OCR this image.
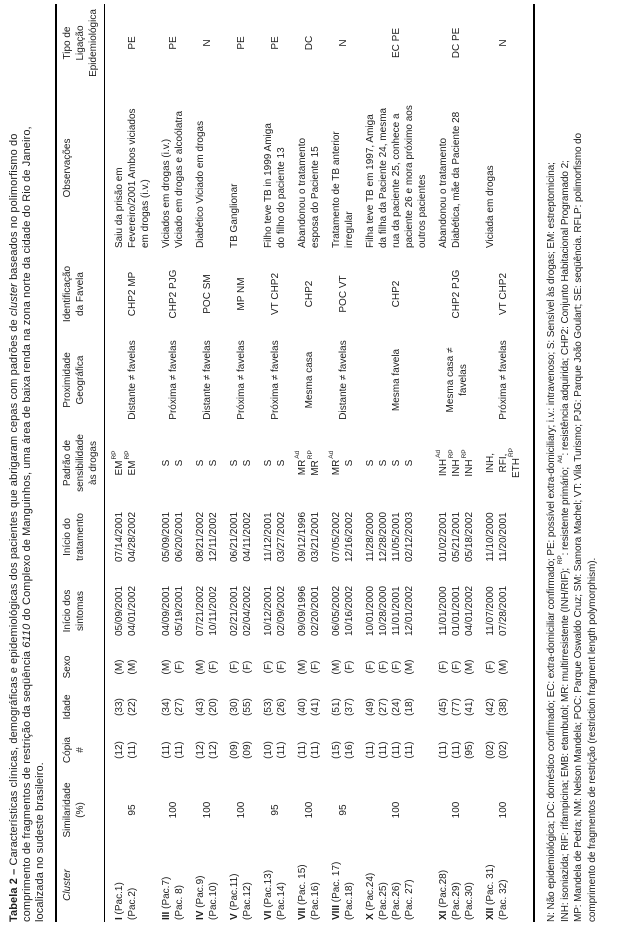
Tabela 2 – Características clínicas, demográficas e epidemiológicas dos pacientes que abrigaram cepas com padrões de cluster baseados no polimorfismo do
comprimento de fragmentos de restrição da seqüência 6110 do Complexo de Manguinhos, uma área de baixa renda na zona norte da cidade do Rio de Janeiro,
localizada no sudeste brasileiro. Cluster
Similaridade (%)
Cópia #
Idade
Sexo
Início dos sintomas
Início do tratamento
Padrão de sensibilidade às drogas
Proximidade Geográfica
Identificação da Favela
Observações
Tipo de Ligação Epidemiológica
I (Pac.1) (Pac.2)
95
(12) (11)
(33) (22)
(M) (M)
05/09/2001 04/01/2002
07/14/2001 04/28/2002
$EM^{RP}$
$EM^{RP}$
Distante ≠ favelas
CHP2 MP
Saiu da prisão em Fevereiro/2001 Ambos viciados em drogas (i.v.)
PE
III (Pac.7) (Pac. 8)
100
(11) (11)
(34) (27)
(M) (F)
04/09/2001 05/19/2001
05/09/2001 06/20/2001
S S
Próxima ≠ favelas
CHP2 PJG
Viciados em drogas (i.v.) Viciado em drogas e alcoólatra
PE
IV (Pac.9) (Pac.10)
100
(12) (12)
(43) (20)
(M) (F)
07/21/2002 10/11/2002
08/21/2002 12/11/2002
S S
Distante ≠ favelas
POC SM
Diabético Viciado em drogas
N
V (Pac.11) (Pac.12)
100
(09) (09)
(30) (55)
(F) (F)
02/21/2001 02/04/2002
06/21/2001 04/11/2002
S S
Próxima ≠ favelas
MP NM
TB Ganglionar
PE
VI (Pac.13) (Pac.14)
95
(10) (11)
(53) (26)
(F) (F)
10/12/2001 02/09/2002
11/12/2001 03/27/2002
S S
Próxima ≠ favelas
VT CHP2
Filho teve TB in 1999 Amiga do filho do paciente 13
PE
VII (Pac. 15) (Pac.16)
100
(11) (11)
(40) (41)
(M) (F)
09/09/1996 02/20/2001
09/12/1996 03/21/2001
$MR^{Ad}$
$MR^{RP}$
Mesma casa
CHP2
Abandonou o tratamento esposa do Paciente 15
DC
VIII (Pac. 17) (Pac.18)
95
(15) (16)
(51) (37)
(M) (F)
06/05/2002 10/16/2002
07/05/2002 12/16/2002
$MR^{Ad}$
S
Distante ≠ favelas
POC VT
Tratamento de TB anterior irregular
N
X (Pac.24) (Pac.25) (Pac.26) (Pac. 27)
100
(11) (11) (11) (11)
(49) (27) (24) (18)
(F) (F) (F) (M)
10/01/2000 10/28/2000 11/01/2001 12/01/2002
11/28/2000 12/28/2000 11/05/2001 02/12/2003
S S S S
Mesma favela
CHP2
Filha teve TB em 1997, Amiga da filha da Paciente 24, mesma rua da paciente 25, conhece a paciente 26 e mora próximo aos outros pacientes
EC PE
XI (Pac.28) (Pac.29) (Pac.30)
100
(11) (11) (95)
(45) (77) (41)
(F) (F) (M)
11/01/2000 01/01/2001 04/01/2002
01/02/2001 05/21/2001 05/18/2002
$INH^{Ad}$
$INH^{RP}$
$INH^{RP}$
Mesma casa ≠ favelas
CHP2 PJG
Abandonou o tratamento Diabética, mãe da Paciente 28
DC PE
XII (Pac. 31) (Pac. 32)
100
(02) (02)
(42) (38)
(F) (M)
11/07/2000 07/28/2001
11/10/2000 11/20/2001
INH, RFI, $ETH^{RP}$
Próxima ≠ favelas
VT CHP2
Viciada em drogas
N
N: Não epidemiológica; DC: doméstico confirmado; EC: extra-domiciliar confirmado; PE: possível extra-domiciliary; i.v.: intravenoso; S: Sensível às drogas; EM: estreptomicina; INH: isoniazida; RIF: rifampicina; EMB: etambutol; MR: multirresistente (INH/RIF); $^{RP}$: resistente primário; $^{Ad}$: resistência adquirida; CHP2: Conjunto Habitacional Programado 2; MP: Mandela de Pedra; NM: Nelson Mandela; POC: Parque Oswaldo Cruz; SM: Samora Machel; VT: Vila Turismo; PJG: Parque João Goulart; SE: seqüência. RFLP: polimorfismo do comprimento de fragmentos de restrição (restriction fragment length polymorphism).
